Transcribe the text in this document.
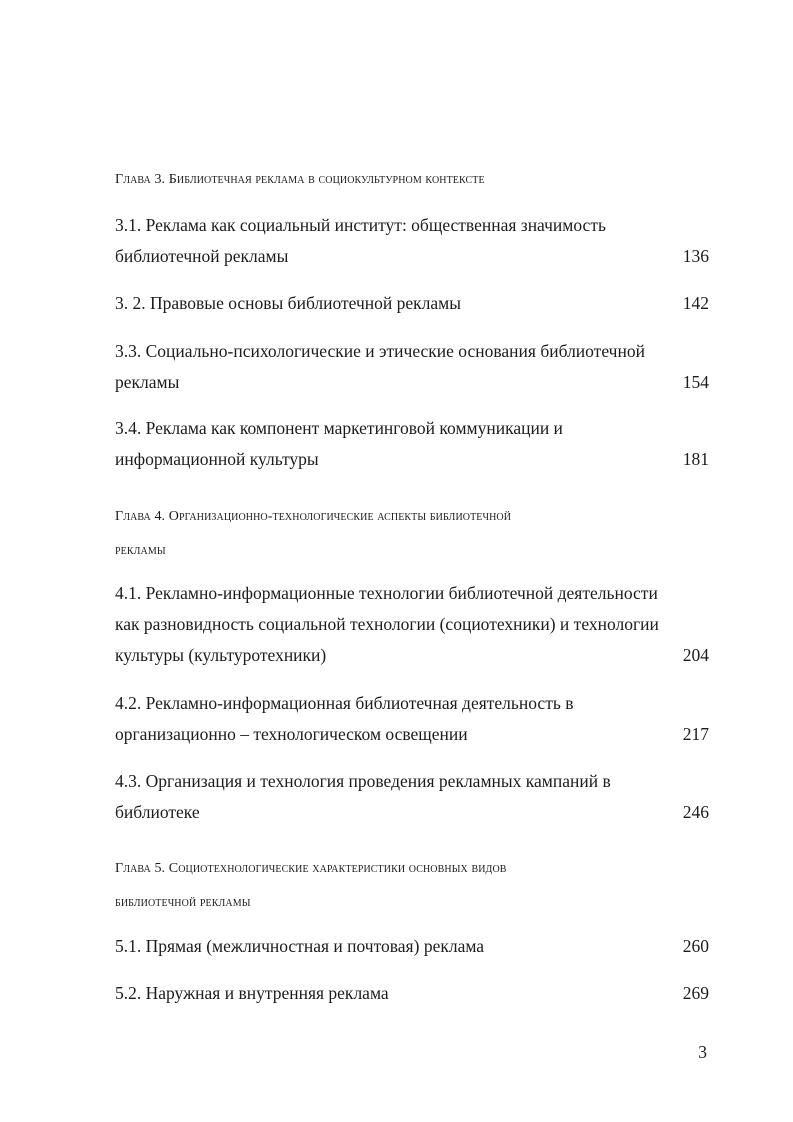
Глава 3. Библиотечная реклама в социокультурном контексте
3.1. Реклама как социальный институт: общественная значимость
библиотечной рекламы	136
3. 2. Правовые основы библиотечной рекламы	142
3.3. Социально-психологические и этические основания библиотечной
рекламы	154
3.4. Реклама как компонент маркетинговой коммуникации и
информационной культуры	181
Глава 4. Организационно-технологические аспекты библиотечной
рекламы
4.1. Рекламно-информационные технологии библиотечной деятельности
как разновидность социальной технологии (социотехники) и технологии
культуры (культуротехники)	204
4.2. Рекламно-информационная библиотечная деятельность в
организационно – технологическом освещении	217
4.3. Организация и технология проведения рекламных кампаний в
библиотеке	246
Глава 5. Социотехнологические характеристики основных видов
библиотечной рекламы
5.1. Прямая (межличностная и почтовая) реклама	260
5.2. Наружная и внутренняя реклама	269
3
